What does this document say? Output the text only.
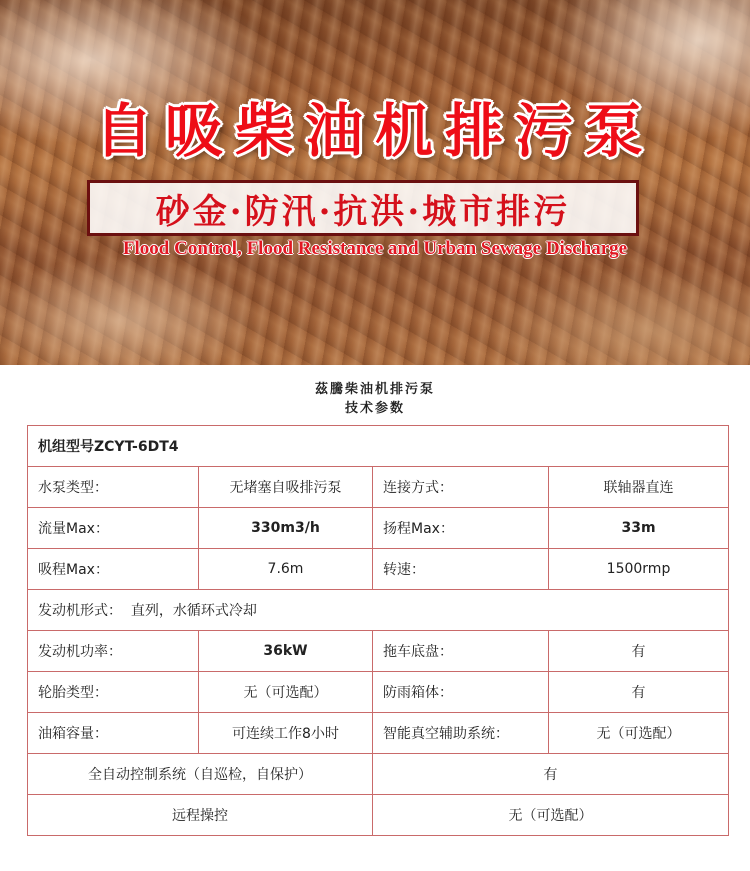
自吸柴油机排污泵
砂金·防汛·抗洪·城市排污
Flood Control, Flood Resistance and Urban Sewage Discharge
茲騰柴油机排污泵
技术参数
机组型号ZCYT-6DT4			
水泵类型：	无堵塞自吸排污泵	连接方式：	联轴器直连
流量Max：	330m3/h	扬程Max：	33m
吸程Max：	7.6m	转速：	1500rmp
发动机形式：  直列，水循环式冷却			
发动机功率：	36kW	拖车底盘：	有
轮胎类型：	无（可选配）	防雨箱体：	有
油箱容量：	可连续工作8小时	智能真空辅助系统：	无（可选配）
全自动控制系统（自巡检，自保护）		有	
远程操控		无（可选配）	
